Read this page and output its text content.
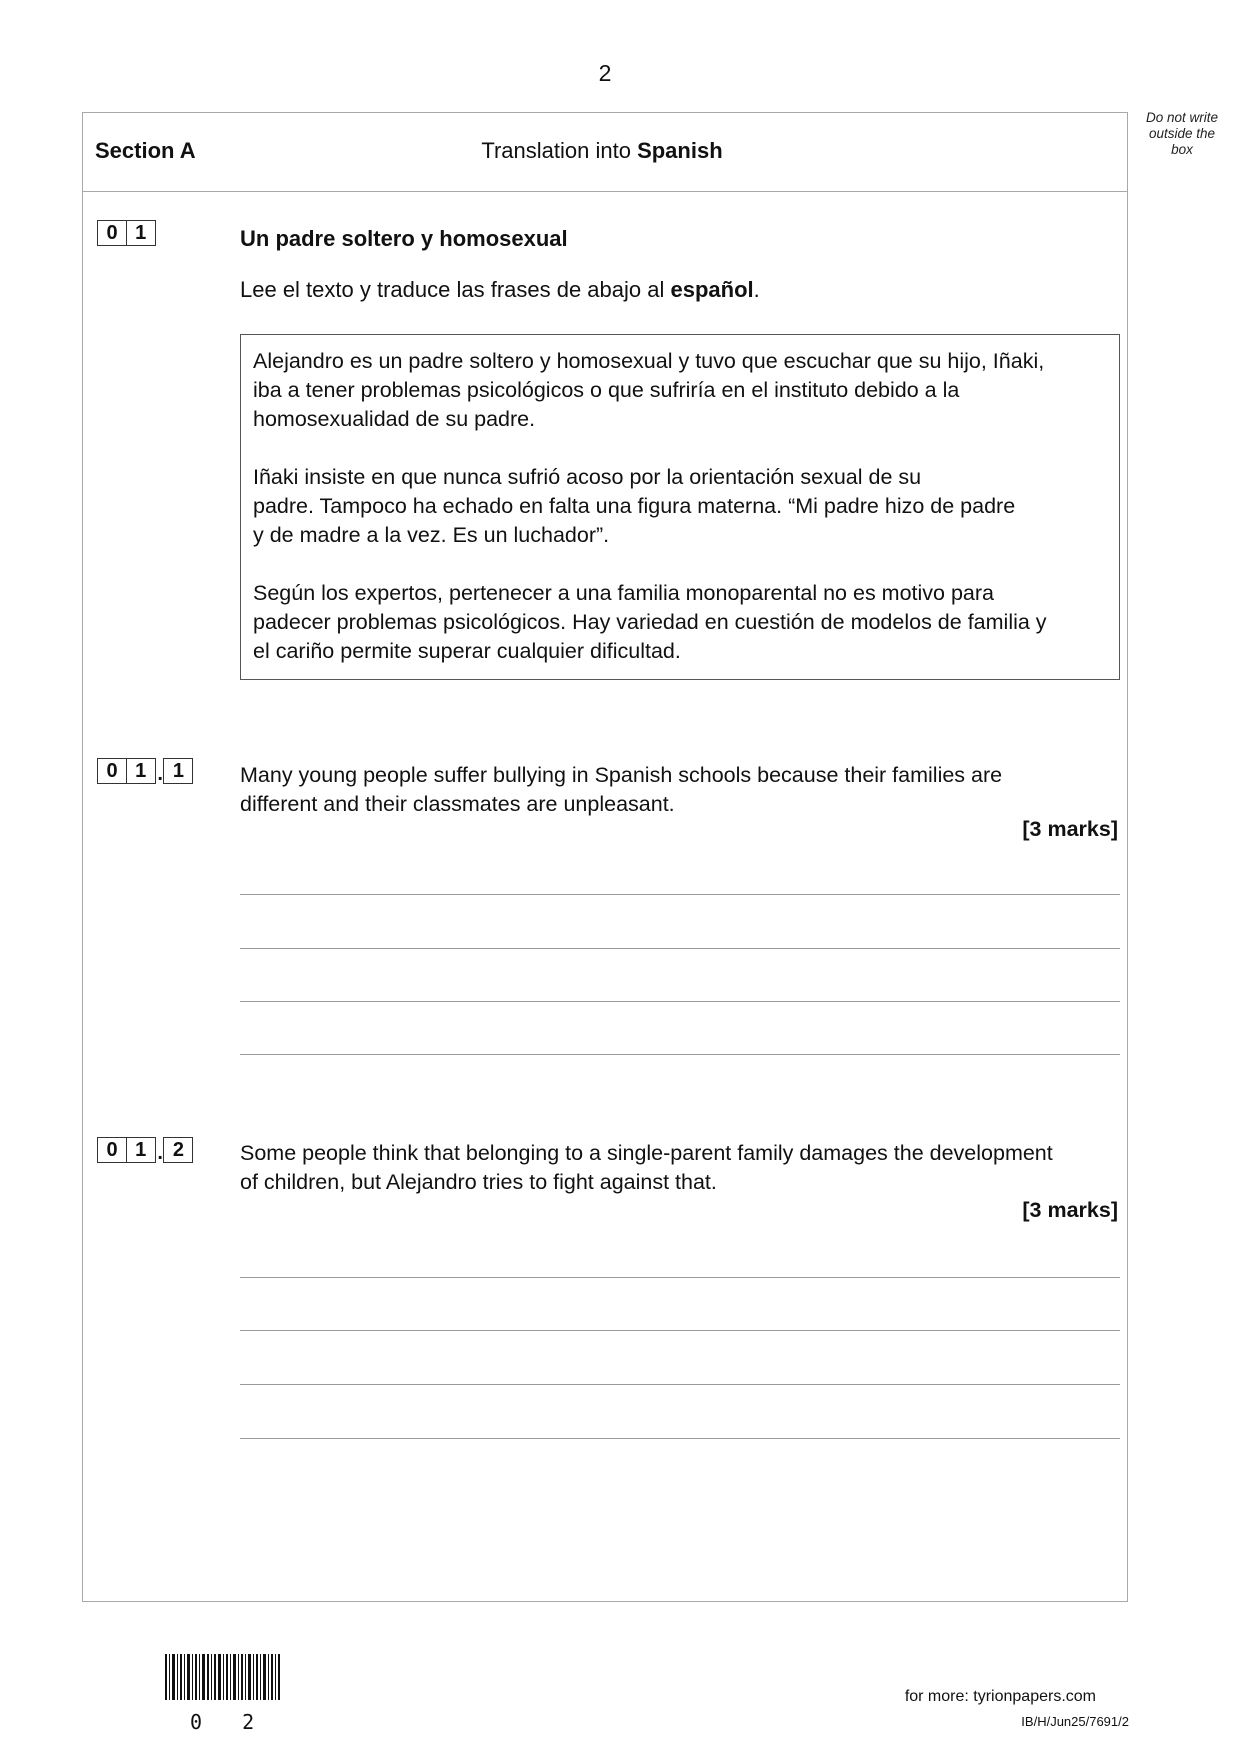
2
Do not write
outside the
box
Section A	Translation into Spanish
0 1	Un padre soltero y homosexual
Lee el texto y traduce las frases de abajo al español.

Alejandro es un padre soltero y homosexual y tuvo que escuchar que su hijo, Iñaki,
iba a tener problemas psicológicos o que sufriría en el instituto debido a la
homosexualidad de su padre.

Iñaki insiste en que nunca sufrió acoso por la orientación sexual de su
padre. Tampoco ha echado en falta una figura materna. “Mi padre hizo de padre
y de madre a la vez. Es un luchador”.

Según los expertos, pertenecer a una familia monoparental no es motivo para
padecer problemas psicológicos. Hay variedad en cuestión de modelos de familia y
el cariño permite superar cualquier dificultad.

0 1 . 1	Many young people suffer bullying in Spanish schools because their families are
different and their classmates are unpleasant.
[3 marks]
0 1 . 2	Some people think that belonging to a single-parent family damages the development
of children, but Alejandro tries to fight against that.
[3 marks]
0 2
for more: tyrionpapers.com
IB/H/Jun25/7691/2
